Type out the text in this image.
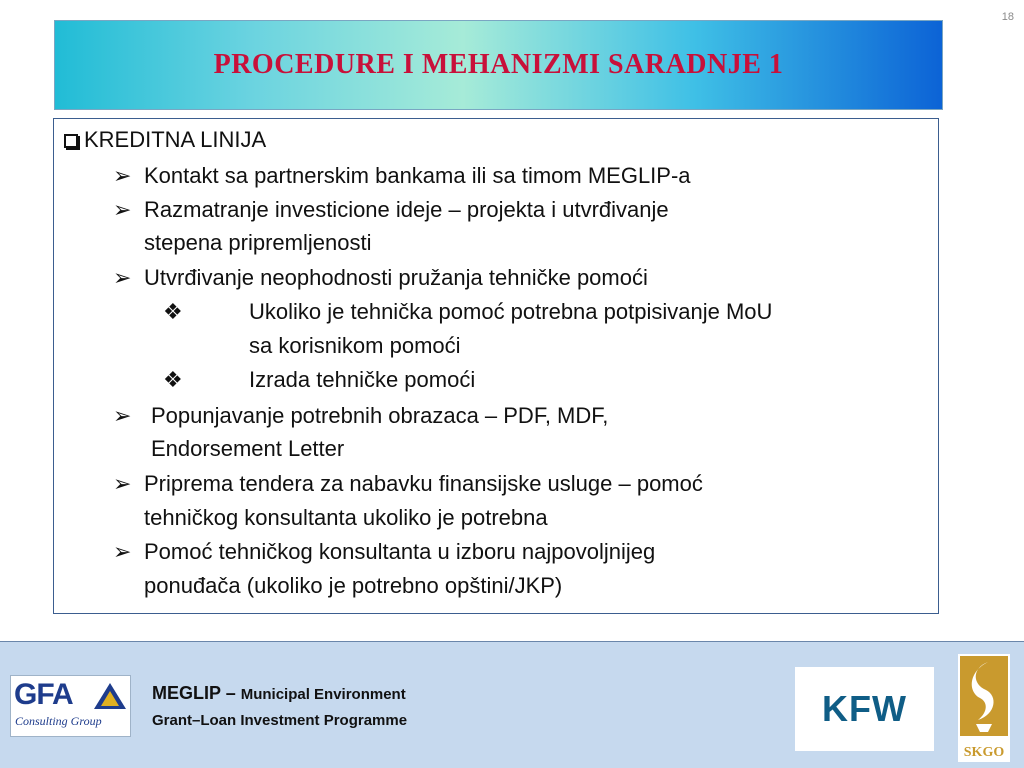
18
PROCEDURE I MEHANIZMI SARADNJE 1
KREDITNA LINIJA
➢ Kontakt sa partnerskim bankama ili sa timom MEGLIP-a
➢ Razmatranje investicione ideje – projekta i utvrđivanje
stepena pripremljenosti
➢ Utvrđivanje neophodnosti pružanja tehničke pomoći
❖	Ukoliko je tehnička pomoć potrebna potpisivanje MoU
sa korisnikom pomoći
❖	Izrada tehničke pomoći
➢ Popunjavanje potrebnih obrazaca – PDF, MDF,
Endorsement Letter
➢ Priprema tendera za nabavku finansijske usluge – pomoć
tehničkog konsultanta ukoliko je potrebna
➢ Pomoć tehničkog konsultanta u izboru najpovoljnijeg
ponuđača (ukoliko je potrebno opštini/JKP)
GFA
Consulting Group
MEGLIP – Municipal Environment
Grant–Loan Investment Programme	KFW
SKGO
